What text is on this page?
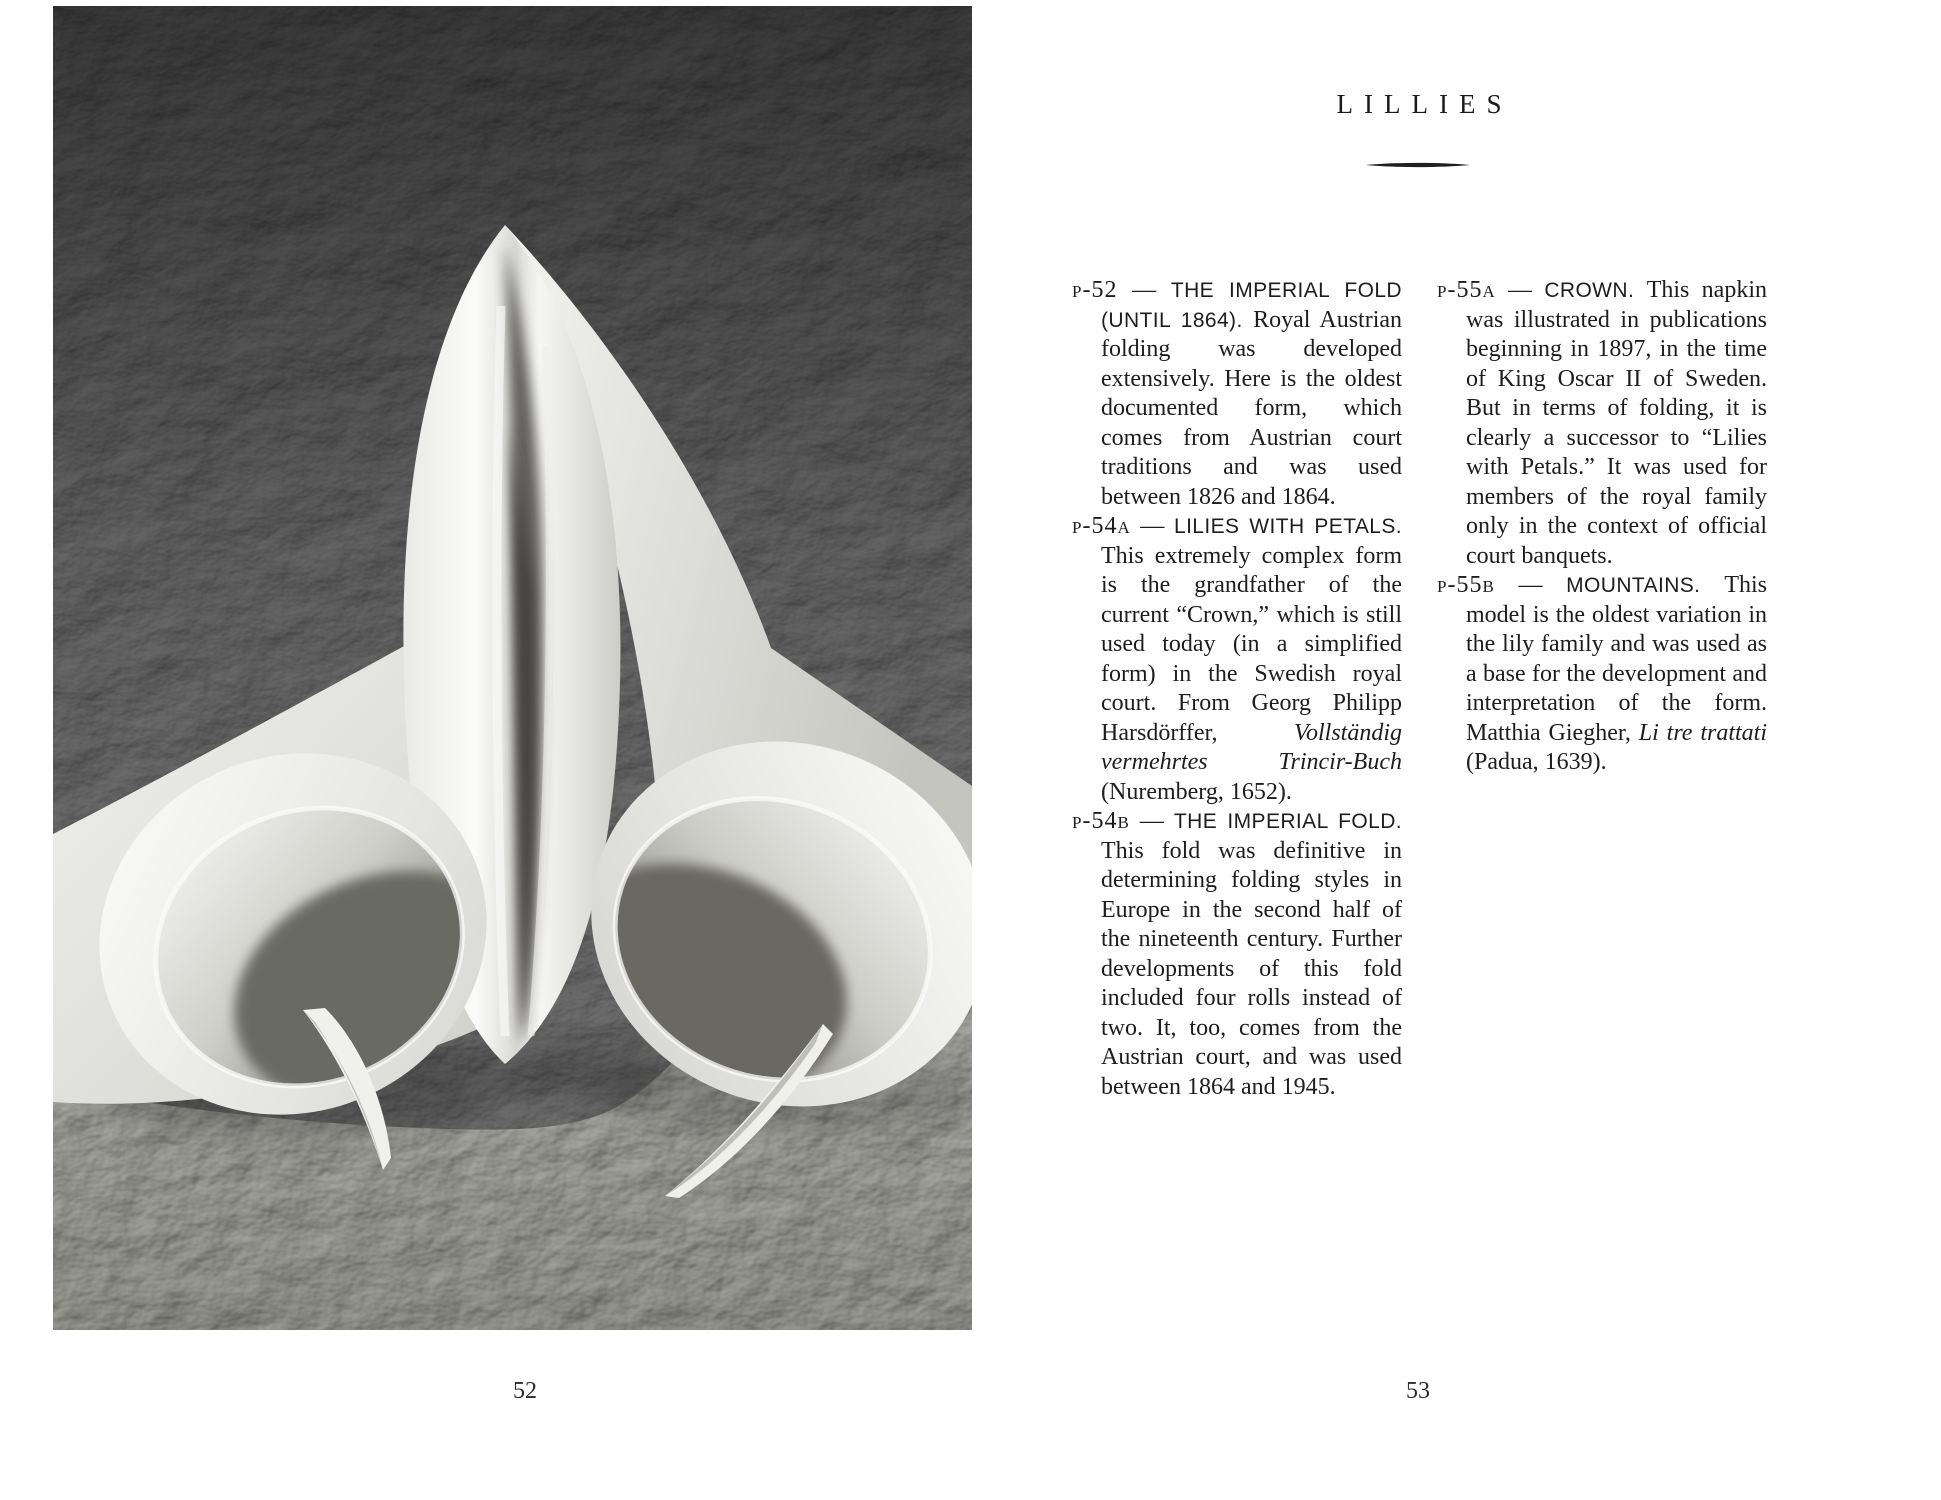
LILLIES

p-52 — THE IMPERIAL FOLD (UNTIL 1864). Royal Austrian folding was developed extensively. Here is the oldest documented form, which comes from Austrian court traditions and was used between 1826 and 1864.

p-54a — LILIES WITH PETALS. This extremely complex form is the grandfather of the current “Crown,” which is still used today (in a simplified form) in the Swedish royal court. From Georg Philipp Harsdörffer, Vollständig vermehrtes Trincir-Buch (Nuremberg, 1652).

p-54b — THE IMPERIAL FOLD. This fold was definitive in determining folding styles in Europe in the second half of the nineteenth century. Further developments of this fold included four rolls instead of two. It, too, comes from the Austrian court, and was used between 1864 and 1945.

p-55a — CROWN. This napkin was illustrated in publications beginning in 1897, in the time of King Oscar II of Sweden. But in terms of folding, it is clearly a successor to “Lilies with Petals.” It was used for members of the royal family only in the context of official court banquets.

p-55b — MOUNTAINS. This model is the oldest variation in the lily family and was used as a base for the development and interpretation of the form. Matthia Giegher, Li tre trattati (Padua, 1639).

52	53
